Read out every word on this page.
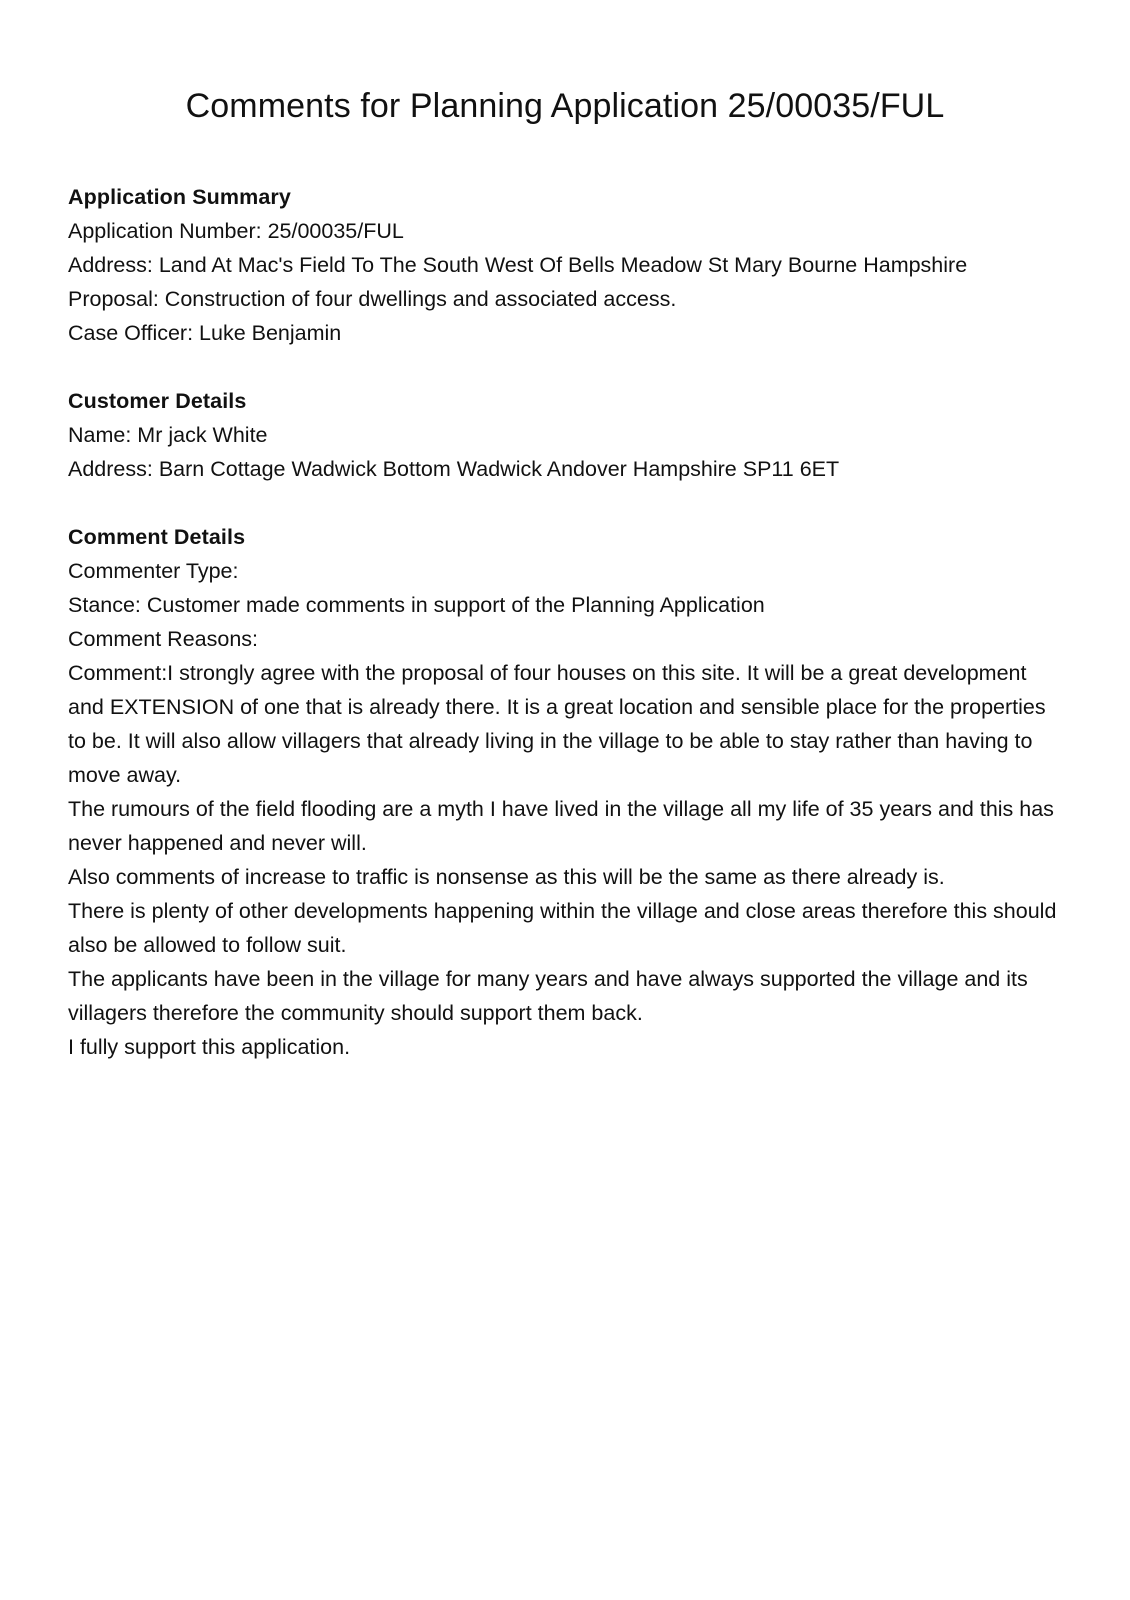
Comments for Planning Application 25/00035/FUL

Application Summary

Application Number: 25/00035/FUL

Address: Land At Mac's Field To The South West Of Bells Meadow St Mary Bourne Hampshire

Proposal: Construction of four dwellings and associated access.

Case Officer: Luke Benjamin

Customer Details

Name: Mr jack White

Address: Barn Cottage Wadwick Bottom Wadwick Andover Hampshire SP11 6ET

Comment Details

Commenter Type:

Stance: Customer made comments in support of the Planning Application

Comment Reasons:

Comment:I strongly agree with the proposal of four houses on this site. It will be a great development and EXTENSION of one that is already there. It is a great location and sensible place for the properties to be. It will also allow villagers that already living in the village to be able to stay rather than having to move away.

The rumours of the field flooding are a myth I have lived in the village all my life of 35 years and this has never happened and never will.

Also comments of increase to traffic is nonsense as this will be the same as there already is.

There is plenty of other developments happening within the village and close areas therefore this should also be allowed to follow suit.

The applicants have been in the village for many years and have always supported the village and its villagers therefore the community should support them back.

I fully support this application.
